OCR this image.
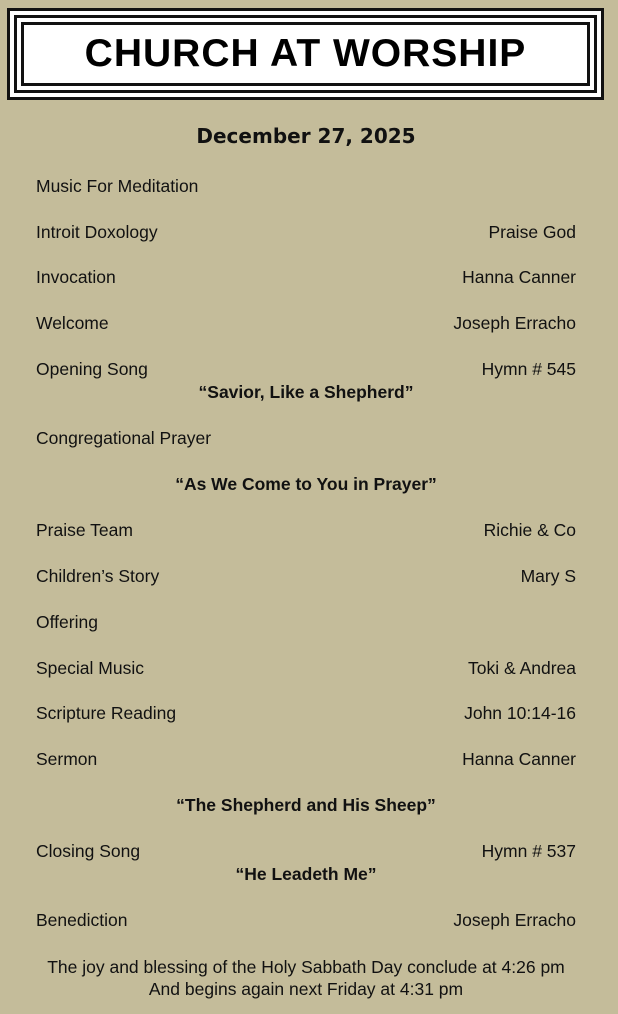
CHURCH AT WORSHIP
December 27, 2025
Music For Meditation
Introit Doxology	Praise God
Invocation	Hanna Canner
Welcome	Joseph Erracho
Opening Song	Hymn # 545
“Savior, Like a Shepherd”
Congregational Prayer
“As We Come to You in Prayer”
Praise Team	Richie & Co
Children’s Story	Mary S
Offering
Special Music	Toki & Andrea
Scripture Reading	John 10:14-16
Sermon	Hanna Canner
“The Shepherd and His Sheep”
Closing Song	Hymn # 537
“He Leadeth Me”
Benediction	Joseph Erracho
The joy and blessing of the Holy Sabbath Day conclude at 4:26 pm
And begins again next Friday at 4:31 pm
